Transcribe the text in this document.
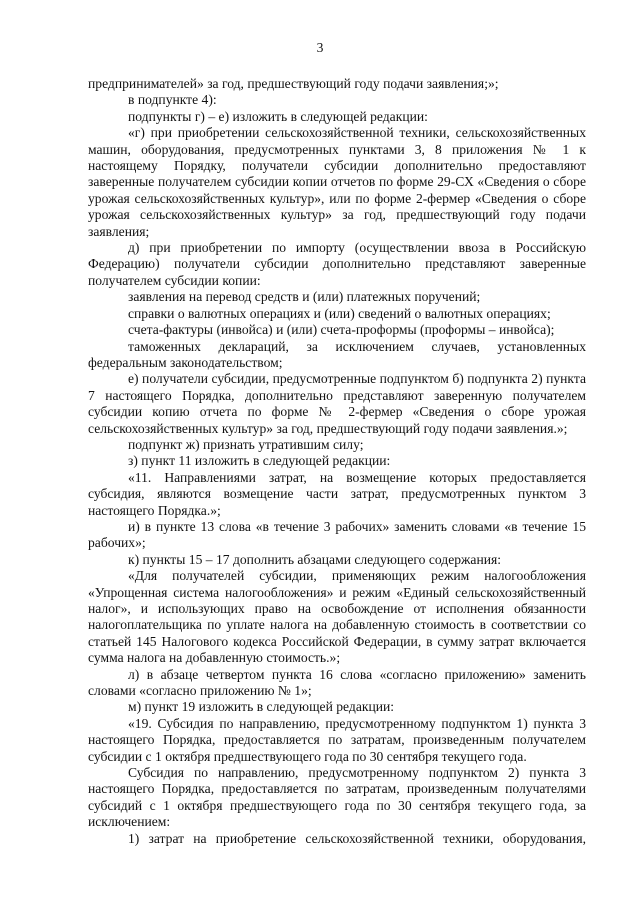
3

предпринимателей» за год, предшествующий году подачи заявления;»;

в подпункте 4):

подпункты г) – е) изложить в следующей редакции:

«г) при приобретении сельскохозяйственной техники, сельскохозяйственных машин, оборудования, предусмотренных пунктами 3, 8 приложения № 1 к настоящему Порядку, получатели субсидии дополнительно предоставляют заверенные получателем субсидии копии отчетов по форме 29-СХ «Сведения о сборе урожая сельскохозяйственных культур», или по форме 2-фермер «Сведения о сборе урожая сельскохозяйственных культур» за год, предшествующий году подачи заявления;

д) при приобретении по импорту (осуществлении ввоза в Российскую Федерацию) получатели субсидии дополнительно представляют заверенные получателем субсидии копии:

заявления на перевод средств и (или) платежных поручений;

справки о валютных операциях и (или) сведений о валютных операциях;

счета-фактуры (инвойса) и (или) счета-проформы (проформы – инвойса);

таможенных деклараций, за исключением случаев, установленных федеральным законодательством;

е) получатели субсидии, предусмотренные подпунктом б) подпункта 2) пункта 7 настоящего Порядка, дополнительно представляют заверенную получателем субсидии копию отчета по форме № 2-фермер «Сведения о сборе урожая сельскохозяйственных культур» за год, предшествующий году подачи заявления.»;

подпункт ж) признать утратившим силу;

з) пункт 11 изложить в следующей редакции:

«11. Направлениями затрат, на возмещение которых предоставляется субсидия, являются возмещение части затрат, предусмотренных пунктом 3 настоящего Порядка.»;

и) в пункте 13 слова «в течение 3 рабочих» заменить словами «в течение 15 рабочих»;

к) пункты 15 – 17 дополнить абзацами следующего содержания:

«Для получателей субсидии, применяющих режим налогообложения «Упрощенная система налогообложения» и режим «Единый сельскохозяйственный налог», и использующих право на освобождение от исполнения обязанности налогоплательщика по уплате налога на добавленную стоимость в соответствии со статьей 145 Налогового кодекса Российской Федерации, в сумму затрат включается сумма налога на добавленную стоимость.»;

л) в абзаце четвертом пункта 16 слова «согласно приложению» заменить словами «согласно приложению № 1»;

м) пункт 19 изложить в следующей редакции:

«19. Субсидия по направлению, предусмотренному подпунктом 1) пункта 3 настоящего Порядка, предоставляется по затратам, произведенным получателем субсидии с 1 октября предшествующего года по 30 сентября текущего года.

Субсидия по направлению, предусмотренному подпунктом 2) пункта 3 настоящего Порядка, предоставляется по затратам, произведенным получателями субсидий с 1 октября предшествующего года по 30 сентября текущего года, за исключением:

1) затрат на приобретение сельскохозяйственной техники, оборудования,
